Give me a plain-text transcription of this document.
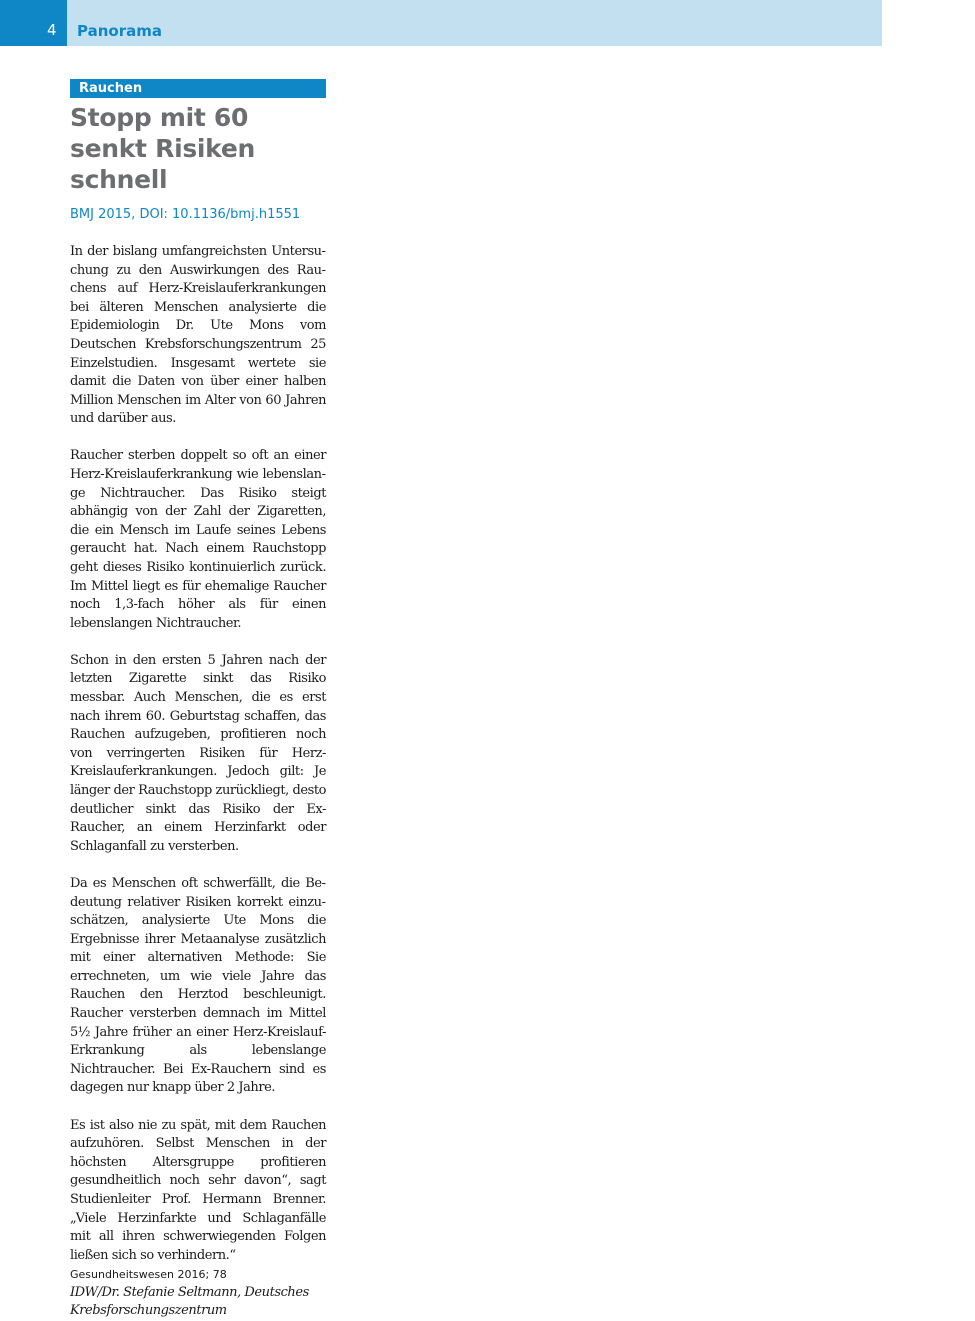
4 Panorama
Rauchen
Stopp mit 60 senkt Risiken schnell
BMJ 2015, DOI: 10.1136/bmj.h1551

In der bislang umfangreichsten Untersuchung zu den Auswirkungen des Rauchens auf Herz-Kreislauferkrankungen bei älteren Menschen analysierte die Epidemiologin Dr. Ute Mons vom Deutschen Krebsforschungszentrum 25 Einzelstudien. Insgesamt wertete sie damit die Daten von über einer halben Million Menschen im Alter von 60 Jahren und darüber aus.

Raucher sterben doppelt so oft an einer Herz-Kreislauferkrankung wie lebenslange Nichtraucher. Das Risiko steigt abhängig von der Zahl der Zigaretten, die ein Mensch im Laufe seines Lebens geraucht hat. Nach einem Rauchstopp geht dieses Risiko kontinuierlich zurück. Im Mittel liegt es für ehemalige Raucher noch 1,3-fach höher als für einen lebenslangen Nichtraucher.

Schon in den ersten 5 Jahren nach der letzten Zigarette sinkt das Risiko messbar. Auch Menschen, die es erst nach ihrem 60. Geburtstag schaffen, das Rauchen aufzugeben, profitieren noch von verringerten Risiken für Herz-Kreislauferkrankungen. Jedoch gilt: Je länger der Rauchstopp zurückliegt, desto deutlicher sinkt das Risiko der Ex-Raucher, an einem Herzinfarkt oder Schlaganfall zu versterben.

Da es Menschen oft schwerfällt, die Bedeutung relativer Risiken korrekt einzuschätzen, analysierte Ute Mons die Ergebnisse ihrer Metaanalyse zusätzlich mit einer alternativen Methode: Sie errechneten, um wie viele Jahre das Rauchen den Herztod beschleunigt. Raucher versterben demnach im Mittel 5½ Jahre früher an einer Herz-Kreislauf-Erkrankung als lebenslange Nichtraucher. Bei Ex-Rauchern sind es dagegen nur knapp über 2 Jahre.

Es ist also nie zu spät, mit dem Rauchen aufzuhören. Selbst Menschen in der höchsten Altersgruppe profitieren gesundheitlich noch sehr davon“, sagt Studienleiter Prof. Hermann Brenner. „Viele Herzinfarkte und Schlaganfälle mit all ihren schwerwiegenden Folgen ließen sich so verhindern.“

IDW/Dr. Stefanie Seltmann, Deutsches Krebsforschungszentrum

Gesundheitswesen 2016; 78
